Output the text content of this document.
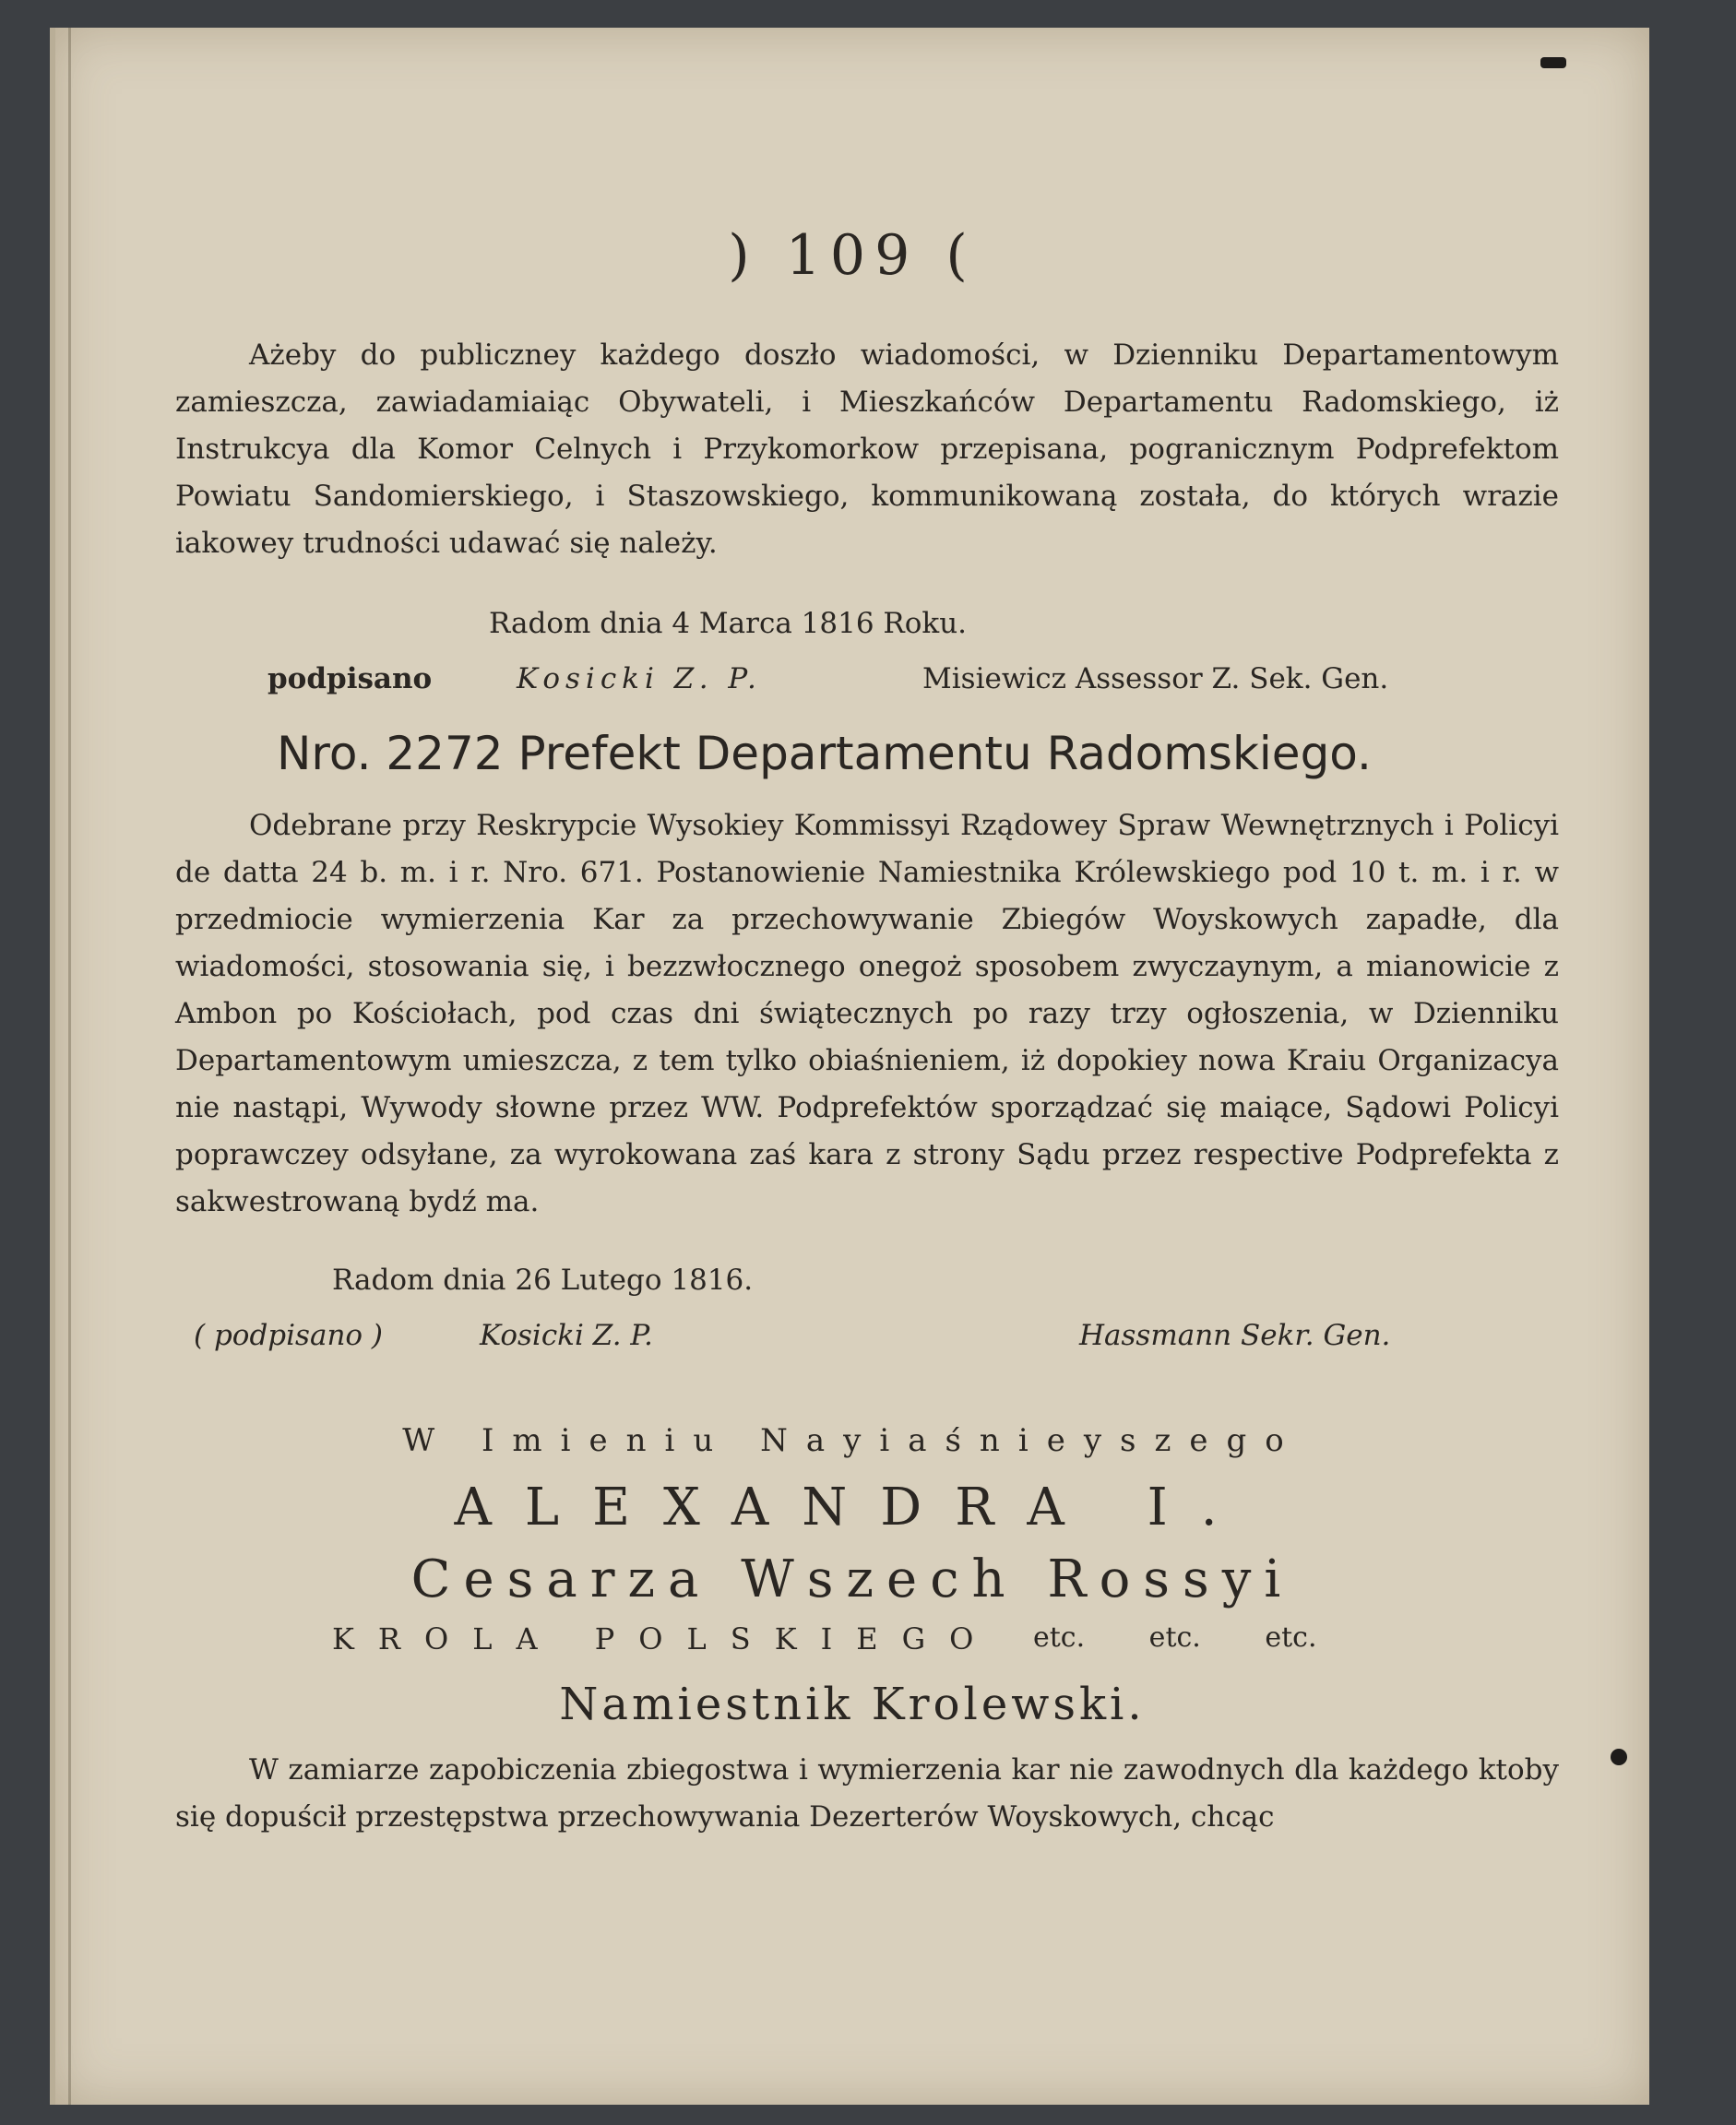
) 109 (

Ażeby do publiczney każdego doszło wiadomości, w Dzienniku Departamentowym zamieszcza, zawiadamiaiąc Obywateli, i Mieszkańców Departamentu Radomskiego, iż Instrukcya dla Komor Celnych i Przykomorkow przepisana, pogranicznym Podprefektom Powiatu Sandomierskiego, i Staszowskiego, kommunikowaną została, do których wrazie iakowey trudności udawać się należy.

Radom dnia 4 Marca 1816 Roku.
podpisano	Kosicki Z. P.	Misiewicz Assessor Z. Sek. Gen.
Nro. 2272 Prefekt Departamentu Radomskiego.

Odebrane przy Reskrypcie Wysokiey Kommissyi Rządowey Spraw Wewnętrznych i Policyi de datta 24 b. m. i r. Nro. 671. Postanowienie Namiestnika Królewskiego pod 10 t. m. i r. w przedmiocie wymierzenia Kar za przechowywanie Zbiegów Woyskowych zapadłe, dla wiadomości, stosowania się, i bezzwłocznego onegoż sposobem zwyczaynym, a mianowicie z Ambon po Kościołach, pod czas dni świątecznych po razy trzy ogłoszenia, w Dzienniku Departamentowym umieszcza, z tem tylko obiaśnieniem, iż dopokiey nowa Kraiu Organizacya nie nastąpi, Wywody słowne przez WW. Podprefektów sporządzać się maiące, Sądowi Policyi poprawczey odsyłane, za wyrokowana zaś kara z strony Sądu przez respective Podprefekta z sakwestrowaną bydź ma.

Radom dnia 26 Lutego 1816.
( podpisano )	Kosicki Z. P.	Hassmann Sekr. Gen.
W Imieniu Nayiaśnieyszego
ALEXANDRA I.
Cesarza Wszech Rossyi
KROLA POLSKIEGO etc. etc. etc.
Namiestnik Krolewski.

W zamiarze zapobiczenia zbiegostwa i wymierzenia kar nie zawodnych dla każdego ktoby się dopuścił przestępstwa przechowywania Dezerterów Woyskowych, chcąc
